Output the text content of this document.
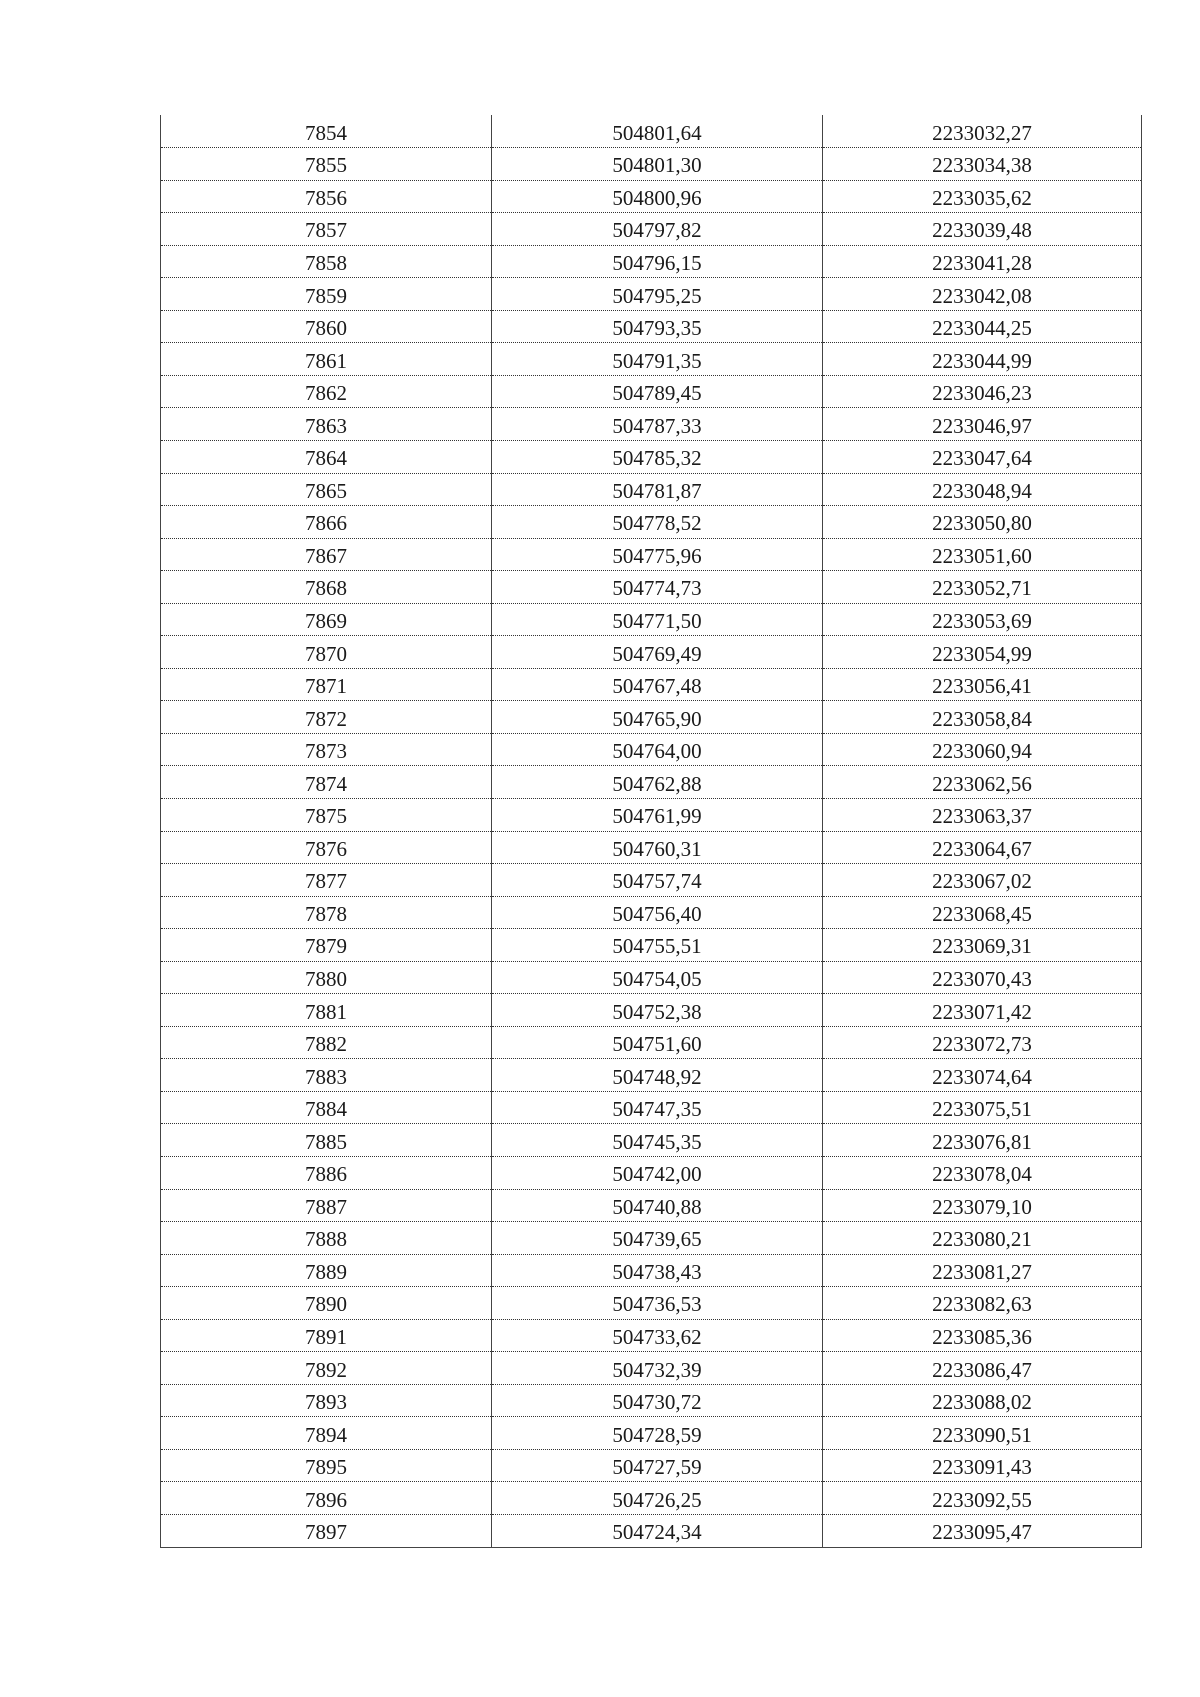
7854	504801,64	2233032,27
7855	504801,30	2233034,38
7856	504800,96	2233035,62
7857	504797,82	2233039,48
7858	504796,15	2233041,28
7859	504795,25	2233042,08
7860	504793,35	2233044,25
7861	504791,35	2233044,99
7862	504789,45	2233046,23
7863	504787,33	2233046,97
7864	504785,32	2233047,64
7865	504781,87	2233048,94
7866	504778,52	2233050,80
7867	504775,96	2233051,60
7868	504774,73	2233052,71
7869	504771,50	2233053,69
7870	504769,49	2233054,99
7871	504767,48	2233056,41
7872	504765,90	2233058,84
7873	504764,00	2233060,94
7874	504762,88	2233062,56
7875	504761,99	2233063,37
7876	504760,31	2233064,67
7877	504757,74	2233067,02
7878	504756,40	2233068,45
7879	504755,51	2233069,31
7880	504754,05	2233070,43
7881	504752,38	2233071,42
7882	504751,60	2233072,73
7883	504748,92	2233074,64
7884	504747,35	2233075,51
7885	504745,35	2233076,81
7886	504742,00	2233078,04
7887	504740,88	2233079,10
7888	504739,65	2233080,21
7889	504738,43	2233081,27
7890	504736,53	2233082,63
7891	504733,62	2233085,36
7892	504732,39	2233086,47
7893	504730,72	2233088,02
7894	504728,59	2233090,51
7895	504727,59	2233091,43
7896	504726,25	2233092,55
7897	504724,34	2233095,47
